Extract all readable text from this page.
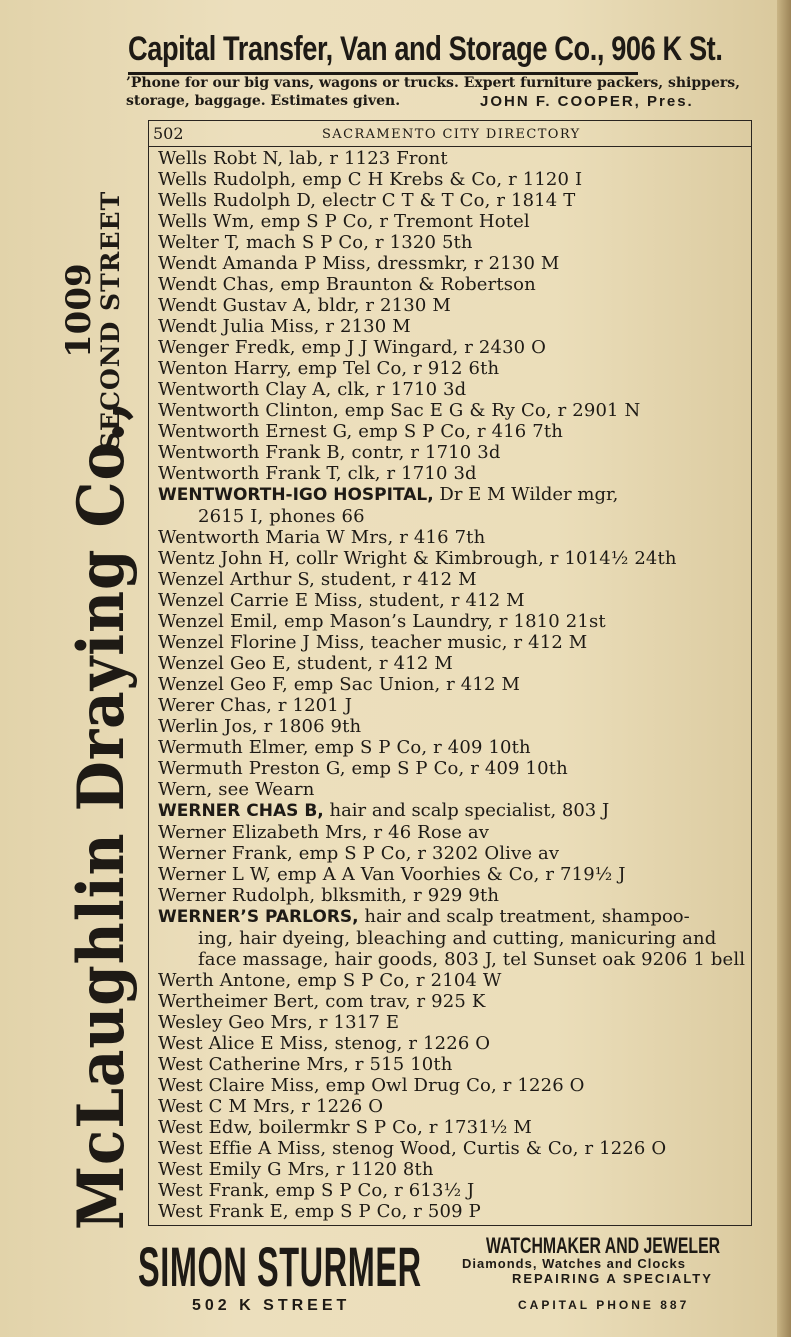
Capital Transfer, Van and Storage Co., 906 K St.
’Phone for our big vans, wagons or trucks. Expert furniture packers, shippers,
storage, baggage. Estimates given.	JOHN F. COOPER, Pres.
McLaughlin Draying Co.,
1009
SECOND STREET
502	SACRAMENTO CITY DIRECTORY
Wells Robt N, lab, r 1123 Front
Wells Rudolph, emp C H Krebs & Co, r 1120 I
Wells Rudolph D, electr C T & T Co, r 1814 T
Wells Wm, emp S P Co, r Tremont Hotel
Welter T, mach S P Co, r 1320 5th
Wendt Amanda P Miss, dressmkr, r 2130 M
Wendt Chas, emp Braunton & Robertson
Wendt Gustav A, bldr, r 2130 M
Wendt Julia Miss, r 2130 M
Wenger Fredk, emp J J Wingard, r 2430 O
Wenton Harry, emp Tel Co, r 912 6th
Wentworth Clay A, clk, r 1710 3d
Wentworth Clinton, emp Sac E G & Ry Co, r 2901 N
Wentworth Ernest G, emp S P Co, r 416 7th
Wentworth Frank B, contr, r 1710 3d
Wentworth Frank T, clk, r 1710 3d
WENTWORTH-IGO HOSPITAL, Dr E M Wilder mgr,
2615 I, phones 66
Wentworth Maria W Mrs, r 416 7th
Wentz John H, collr Wright & Kimbrough, r 1014½ 24th
Wenzel Arthur S, student, r 412 M
Wenzel Carrie E Miss, student, r 412 M
Wenzel Emil, emp Mason’s Laundry, r 1810 21st
Wenzel Florine J Miss, teacher music, r 412 M
Wenzel Geo E, student, r 412 M
Wenzel Geo F, emp Sac Union, r 412 M
Werer Chas, r 1201 J
Werlin Jos, r 1806 9th
Wermuth Elmer, emp S P Co, r 409 10th
Wermuth Preston G, emp S P Co, r 409 10th
Wern, see Wearn
WERNER CHAS B, hair and scalp specialist, 803 J
Werner Elizabeth Mrs, r 46 Rose av
Werner Frank, emp S P Co, r 3202 Olive av
Werner L W, emp A A Van Voorhies & Co, r 719½ J
Werner Rudolph, blksmith, r 929 9th
WERNER’S PARLORS, hair and scalp treatment, shampoo-
ing, hair dyeing, bleaching and cutting, manicuring and
face massage, hair goods, 803 J, tel Sunset oak 9206 1 bell
Werth Antone, emp S P Co, r 2104 W
Wertheimer Bert, com trav, r 925 K
Wesley Geo Mrs, r 1317 E
West Alice E Miss, stenog, r 1226 O
West Catherine Mrs, r 515 10th
West Claire Miss, emp Owl Drug Co, r 1226 O
West C M Mrs, r 1226 O
West Edw, boilermkr S P Co, r 1731½ M
West Effie A Miss, stenog Wood, Curtis & Co, r 1226 O
West Emily G Mrs, r 1120 8th
West Frank, emp S P Co, r 613½ J
West Frank E, emp S P Co, r 509 P
SIMON STURMER	WATCHMAKER AND JEWELER
Diamonds, Watches and Clocks
REPAIRING A SPECIALTY
502 K STREET	CAPITAL PHONE 887
